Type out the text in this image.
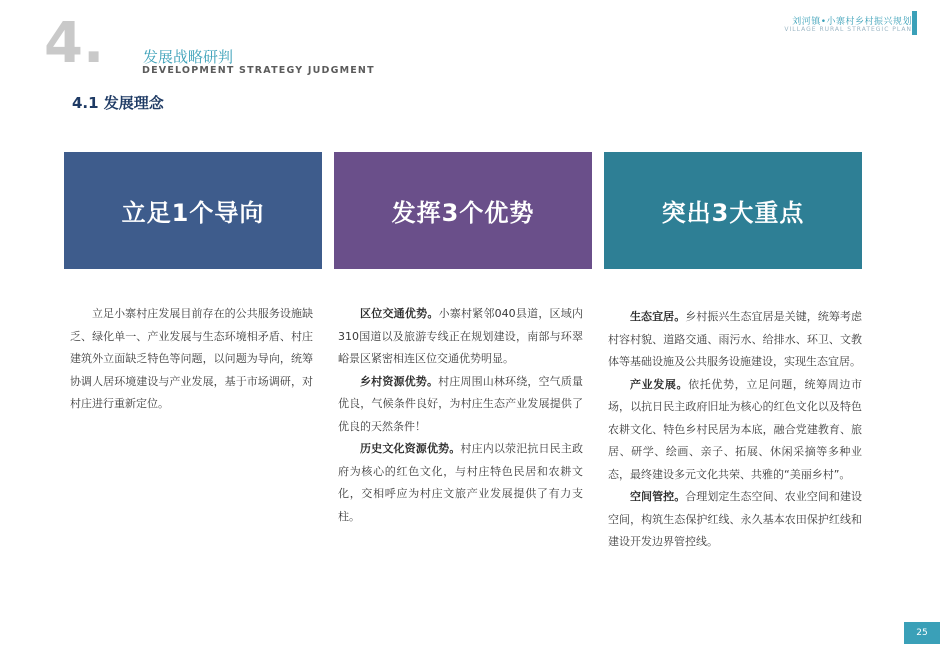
刘河镇•小寨村乡村振兴规划
VILLAGE RURAL STRATEGIC PLAN
4.	发展战略研判
DEVELOPMENT STRATEGY JUDGMENT
4.1 发展理念
立足1个导向	发挥3个优势	突出3大重点

立足小寨村庄发展目前存在的公共服务设施缺乏、绿化单一、产业发展与生态环境相矛盾、村庄建筑外立面缺乏特色等问题，以问题为导向，统筹协调人居环境建设与产业发展，基于市场调研，对村庄进行重新定位。

区位交通优势。小寨村紧邻040县道，区域内310国道以及旅游专线正在规划建设，南部与环翠峪景区紧密相连区位交通优势明显。

乡村资源优势。村庄周围山林环绕，空气质量优良，气候条件良好，为村庄生态产业发展提供了优良的天然条件！

历史文化资源优势。村庄内以荥汜抗日民主政府为核心的红色文化，与村庄特色民居和农耕文化，交相呼应为村庄文旅产业发展提供了有力支柱。

生态宜居。乡村振兴生态宜居是关键，统筹考虑村容村貌、道路交通、雨污水、给排水、环卫、文教体等基础设施及公共服务设施建设，实现生态宜居。

产业发展。依托优势，立足问题，统筹周边市场，以抗日民主政府旧址为核心的红色文化以及特色农耕文化、特色乡村民居为本底，融合党建教育、旅居、研学、绘画、亲子、拓展、休闲采摘等多种业态，最终建设多元文化共荣、共雅的“美丽乡村”。

空间管控。合理划定生态空间、农业空间和建设空间，构筑生态保护红线、永久基本农田保护红线和建设开发边界管控线。

25
